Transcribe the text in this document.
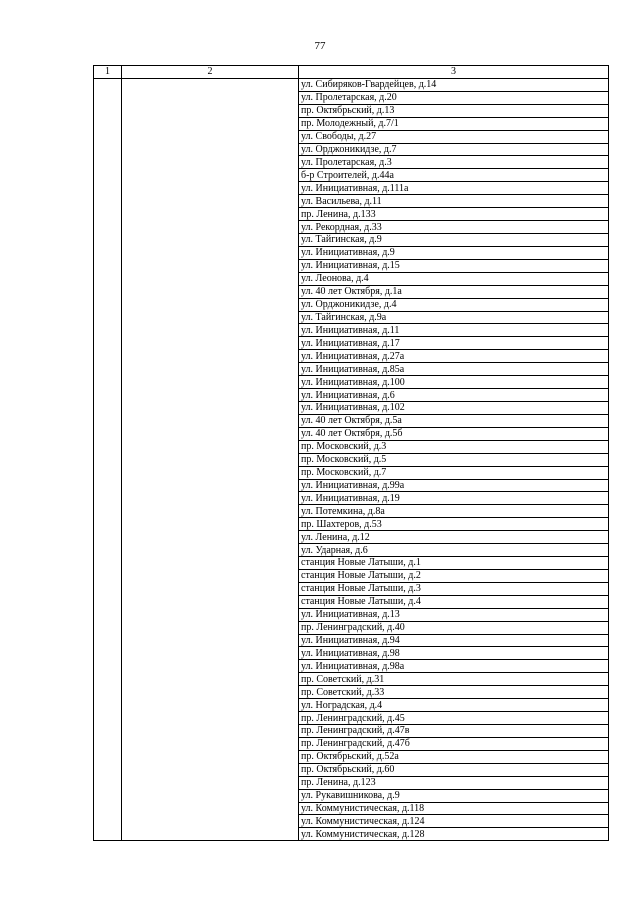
77
1	2	3
		ул. Сибиряков-Гвардейцев, д.14
		ул. Пролетарская, д.20
		пр. Октябрьский, д.13
		пр. Молодежный, д.7/1
		ул. Свободы, д.27
		ул. Орджоникидзе, д.7
		ул. Пролетарская, д.3
		б-р Строителей, д.44а
		ул. Инициативная, д.111а
		ул. Васильева, д.11
		пр. Ленина, д.133
		ул. Рекордная, д.33
		ул. Тайгинская, д.9
		ул. Инициативная, д.9
		ул. Инициативная, д.15
		ул. Леонова, д.4
		ул. 40 лет Октября, д.1а
		ул. Орджоникидзе, д.4
		ул. Тайгинская, д.9а
		ул. Инициативная, д.11
		ул. Инициативная, д.17
		ул. Инициативная, д.27а
		ул. Инициативная, д.85а
		ул. Инициативная, д.100
		ул. Инициативная, д.6
		ул. Инициативная, д.102
		ул. 40 лет Октября, д.5а
		ул. 40 лет Октября, д.5б
		пр. Московский, д.3
		пр. Московский, д.5
		пр. Московский, д.7
		ул. Инициативная, д.99а
		ул. Инициативная, д.19
		ул. Потемкина, д.8а
		пр. Шахтеров, д.53
		ул. Ленина, д.12
		ул. Ударная, д.6
		станция Новые Латыши, д.1
		станция Новые Латыши, д.2
		станция Новые Латыши, д.3
		станция Новые Латыши, д.4
		ул. Инициативная, д.13
		пр. Ленинградский, д.40
		ул. Инициативная, д.94
		ул. Инициативная, д.98
		ул. Инициативная, д.98а
		пр. Советский, д.31
		пр. Советский, д.33
		ул. Ноградская, д.4
		пр. Ленинградский, д.45
		пр. Ленинградский, д.47в
		пр. Ленинградский, д.47б
		пр. Октябрьский, д.52а
		пр. Октябрьский, д.60
		пр. Ленина, д.123
		ул. Рукавишникова, д.9
		ул. Коммунистическая, д.118
		ул. Коммунистическая, д.124
		ул. Коммунистическая, д.128
